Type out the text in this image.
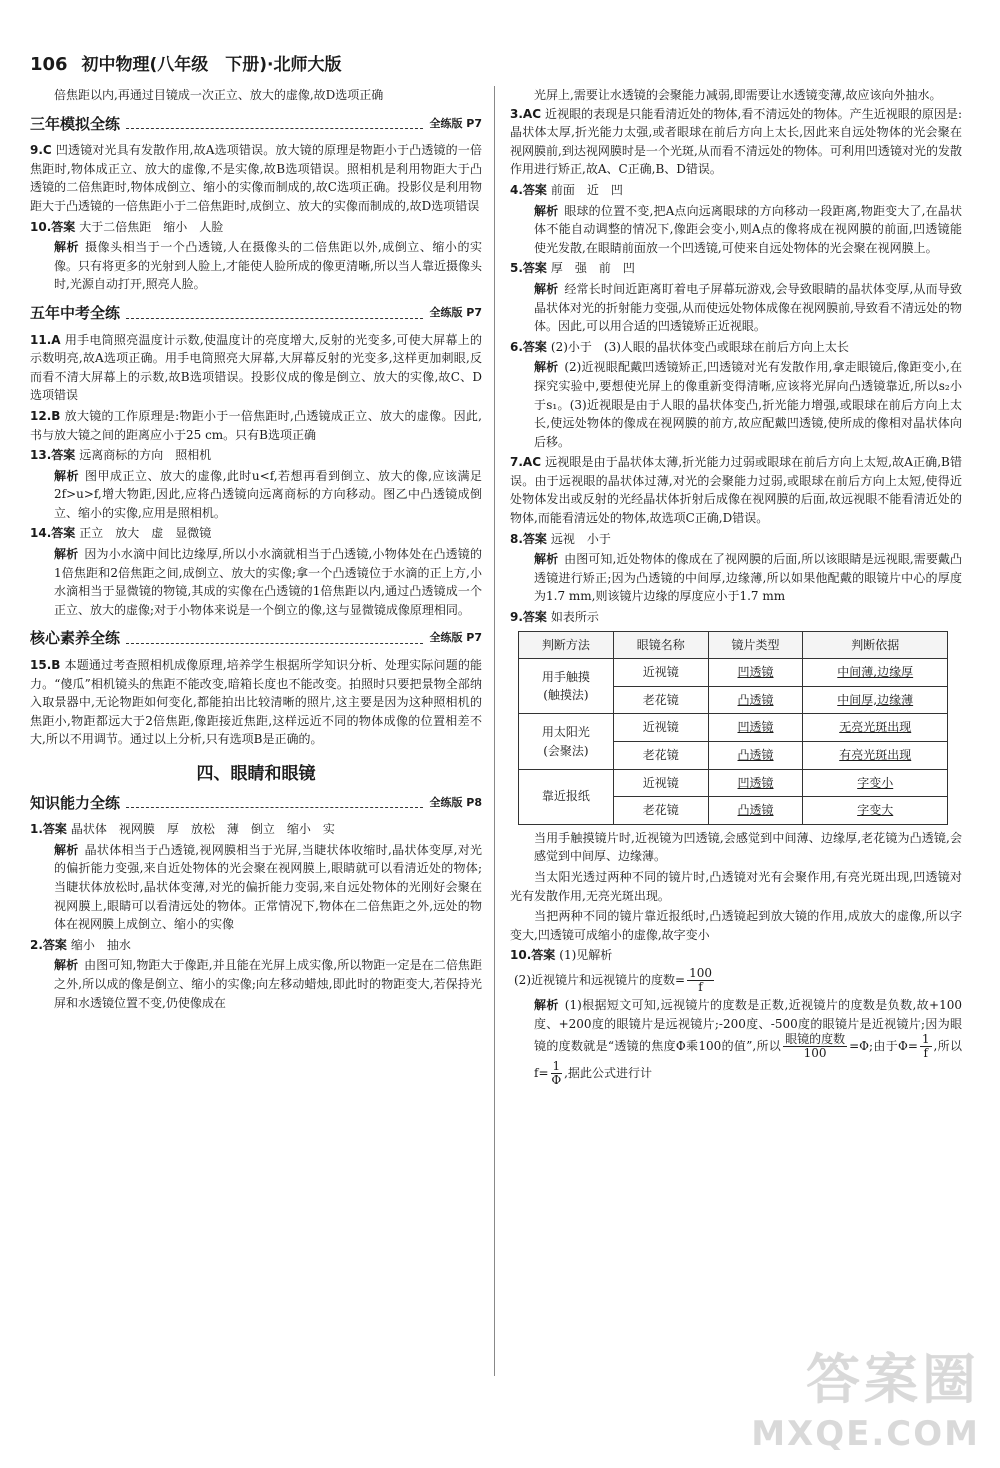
106 初中物理(八年级　下册)·北师大版

倍焦距以内,再通过目镜成一次正立、放大的虚像,故D选项正确

三年模拟全练	全练版 P7

9.C 凹透镜对光具有发散作用,故A选项错误。放大镜的原理是物距小于凸透镜的一倍焦距时,物体成正立、放大的虚像,不是实像,故B选项错误。照相机是利用物距大于凸透镜的二倍焦距时,物体成倒立、缩小的实像而制成的,故C选项正确。投影仪是利用物距大于凸透镜的一倍焦距小于二倍焦距时,成倒立、放大的实像而制成的,故D选项错误

10.答案 大于二倍焦距　缩小　人脸

解析 摄像头相当于一个凸透镜,人在摄像头的二倍焦距以外,成倒立、缩小的实像。只有将更多的光射到人脸上,才能使人脸所成的像更清晰,所以当人靠近摄像头时,光源自动打开,照亮人脸。

五年中考全练	全练版 P7

11.A 用手电筒照亮温度计示数,使温度计的亮度增大,反射的光变多,可使大屏幕上的示数明亮,故A选项正确。用手电筒照亮大屏幕,大屏幕反射的光变多,这样更加刺眼,反而看不清大屏幕上的示数,故B选项错误。投影仪成的像是倒立、放大的实像,故C、D选项错误

12.B 放大镜的工作原理是:物距小于一倍焦距时,凸透镜成正立、放大的虚像。因此,书与放大镜之间的距离应小于25 cm。只有B选项正确

13.答案 远离商标的方向　照相机

解析 图甲成正立、放大的虚像,此时u<f,若想再看到倒立、放大的像,应该满足2f>u>f,增大物距,因此,应将凸透镜向远离商标的方向移动。图乙中凸透镜成倒立、缩小的实像,应用是照相机。

14.答案 正立　放大　虚　显微镜

解析 因为小水滴中间比边缘厚,所以小水滴就相当于凸透镜,小物体处在凸透镜的1倍焦距和2倍焦距之间,成倒立、放大的实像;拿一个凸透镜位于水滴的正上方,小水滴相当于显微镜的物镜,其成的实像在凸透镜的1倍焦距以内,通过凸透镜成一个正立、放大的虚像;对于小物体来说是一个倒立的像,这与显微镜成像原理相同。

核心素养全练	全练版 P7

15.B 本题通过考查照相机成像原理,培养学生根据所学知识分析、处理实际问题的能力。“傻瓜”相机镜头的焦距不能改变,暗箱长度也不能改变。拍照时只要把景物全部纳入取景器中,无论物距如何变化,都能拍出比较清晰的照片,这主要是因为这种照相机的焦距小,物距都远大于2倍焦距,像距接近焦距,这样远近不同的物体成像的位置相差不大,所以不用调节。通过以上分析,只有选项B是正确的。

四、眼睛和眼镜
知识能力全练	全练版 P8

1.答案 晶状体　视网膜　厚　放松　薄　倒立　缩小　实

解析 晶状体相当于凸透镜,视网膜相当于光屏,当睫状体收缩时,晶状体变厚,对光的偏折能力变强,来自近处物体的光会聚在视网膜上,眼睛就可以看清近处的物体;当睫状体放松时,晶状体变薄,对光的偏折能力变弱,来自远处物体的光刚好会聚在视网膜上,眼睛可以看清远处的物体。正常情况下,物体在二倍焦距之外,远处的物体在视网膜上成倒立、缩小的实像

2.答案 缩小　抽水

解析 由图可知,物距大于像距,并且能在光屏上成实像,所以物距一定是在二倍焦距之外,所以成的像是倒立、缩小的实像;向左移动蜡烛,即此时的物距变大,若保持光屏和水透镜位置不变,仍使像成在

光屏上,需要让水透镜的会聚能力减弱,即需要让水透镜变薄,故应该向外抽水。

3.AC 近视眼的表现是只能看清近处的物体,看不清远处的物体。产生近视眼的原因是:晶状体太厚,折光能力太强,或者眼球在前后方向上太长,因此来自远处物体的光会聚在视网膜前,到达视网膜时是一个光斑,从而看不清远处的物体。可利用凹透镜对光的发散作用进行矫正,故A、C正确,B、D错误。

4.答案 前面　近　凹

解析 眼球的位置不变,把A点向远离眼球的方向移动一段距离,物距变大了,在晶状体不能自动调整的情况下,像距会变小,则A点的像将成在视网膜的前面,凹透镜能使光发散,在眼睛前面放一个凹透镜,可使来自远处物体的光会聚在视网膜上。

5.答案 厚　强　前　凹

解析 经常长时间近距离盯着电子屏幕玩游戏,会导致眼睛的晶状体变厚,从而导致晶状体对光的折射能力变强,从而使远处物体成像在视网膜前,导致看不清远处的物体。因此,可以用合适的凹透镜矫正近视眼。

6.答案 (2)小于　(3)人眼的晶状体变凸或眼球在前后方向上太长

解析 (2)近视眼配戴凹透镜矫正,凹透镜对光有发散作用,拿走眼镜后,像距变小,在探究实验中,要想使光屏上的像重新变得清晰,应该将光屏向凸透镜靠近,所以s₂小于s₁。(3)近视眼是由于人眼的晶状体变凸,折光能力增强,或眼球在前后方向上太长,使远处物体的像成在视网膜的前方,故应配戴凹透镜,使所成的像相对晶状体向后移。

7.AC 远视眼是由于晶状体太薄,折光能力过弱或眼球在前后方向上太短,故A正确,B错误。由于远视眼的晶状体过薄,对光的会聚能力过弱,或眼球在前后方向上太短,使得近处物体发出或反射的光经晶状体折射后成像在视网膜的后面,故远视眼不能看清近处的物体,而能看清远处的物体,故选项C正确,D错误。

8.答案 远视　小于

解析 由图可知,近处物体的像成在了视网膜的后面,所以该眼睛是远视眼,需要戴凸透镜进行矫正;因为凸透镜的中间厚,边缘薄,所以如果他配戴的眼镜片中心的厚度为1.7 mm,则该镜片边缘的厚度应小于1.7 mm

9.答案 如表所示

判断方法	眼镜名称	镜片类型	判断依据
用手触摸
(触摸法)	近视镜	凹透镜	中间薄,边缘厚
	老花镜	凸透镜	中间厚,边缘薄
用太阳光
(会聚法)	近视镜	凹透镜	无亮光斑出现
	老花镜	凸透镜	有亮光斑出现
靠近报纸	近视镜	凹透镜	字变小
	老花镜	凸透镜	字变大

当用手触摸镜片时,近视镜为凹透镜,会感觉到中间薄、边缘厚,老花镜为凸透镜,会感觉到中间厚、边缘薄。

当太阳光透过两种不同的镜片时,凸透镜对光有会聚作用,有亮光斑出现,凹透镜对光有发散作用,无亮光斑出现。

当把两种不同的镜片靠近报纸时,凸透镜起到放大镜的作用,成放大的虚像,所以字变大,凹透镜可成缩小的虚像,故字变小

10.答案 (1)见解析

(2)近视镜片和远视镜片的度数= $\frac{100}{f}$

解析 (1)根据短文可知,远视镜片的度数是正数,近视镜片的度数是负数,故+100度、+200度的眼镜片是远视镜片;-200度、-500度的眼镜片是近视镜片;因为眼镜的度数就是“透镜的焦度Φ乘100的值”,所以 $\frac{\text{眼镜的度数}}{100} =\Phi$;由于$\Phi= \frac{1}{f}$ ,所以$f= \frac{1}{\Phi}$ ,据此公式进行计

答案圈
MXQE.COM
